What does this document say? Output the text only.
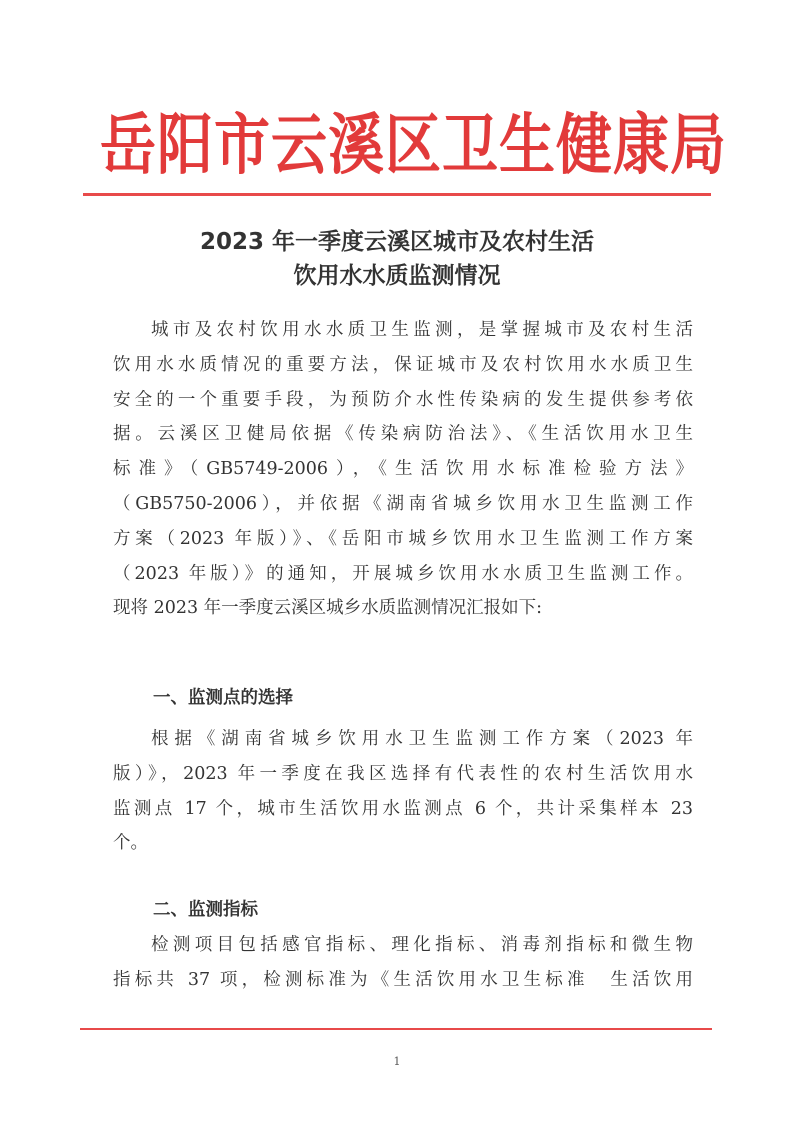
岳阳市云溪区卫生健康局
2023 年一季度云溪区城市及农村生活
饮用水水质监测情况
城市及农村饮用水水质卫生监测，是掌握城市及农村生活
饮用水水质情况的重要方法，保证城市及农村饮用水水质卫生
安全的一个重要手段，为预防介水性传染病的发生提供参考依
据。云溪区卫健局依据《传染病防治法》、《生活饮用水卫生
标准》（GB5749-2006），《生活饮用水标准检验方法》
（GB5750-2006），并依据《湖南省城乡饮用水卫生监测工作
方案（2023 年版）》、《岳阳市城乡饮用水卫生监测工作方案
（2023 年版）》的通知，开展城乡饮用水水质卫生监测工作。
现将 2023 年一季度云溪区城乡水质监测情况汇报如下:
一、监测点的选择
根据《湖南省城乡饮用水卫生监测工作方案（2023 年
版）》，2023 年一季度在我区选择有代表性的农村生活饮用水
监测点 17 个，城市生活饮用水监测点 6 个，共计采集样本 23
个。
二、监测指标
检测项目包括感官指标、理化指标、消毒剂指标和微生物
指标共 37 项，检测标准为《生活饮用水卫生标准　生活饮用
1
